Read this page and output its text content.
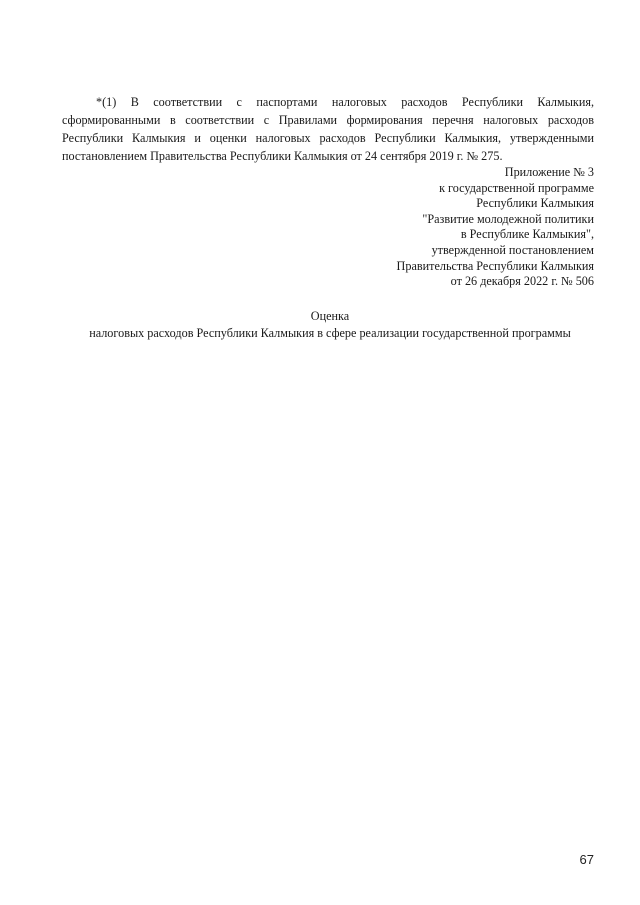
*(1) В соответствии с паспортами налоговых расходов Республики Калмыкия,
сформированными в соответствии с Правилами формирования перечня налоговых расходов
Республики Калмыкия и оценки налоговых расходов Республики Калмыкия, утвержденными
постановлением Правительства Республики Калмыкия от 24 сентября 2019 г. № 275.
Приложение № 3
к государственной программе
Республики Калмыкия
"Развитие молодежной политики
в Республике Калмыкия",
утвержденной постановлением
Правительства Республики Калмыкия
от 26 декабря 2022 г. № 506
Оценка
налоговых расходов Республики Калмыкия в сфере реализации государственной программы
67
